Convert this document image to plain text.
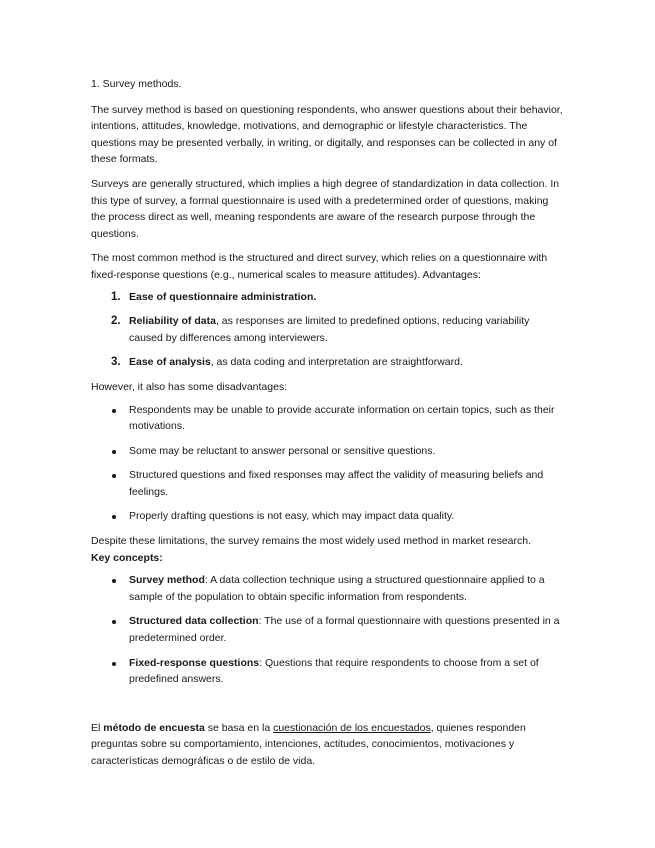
1. Survey methods.

The survey method is based on questioning respondents, who answer questions about their behavior, intentions, attitudes, knowledge, motivations, and demographic or lifestyle characteristics. The questions may be presented verbally, in writing, or digitally, and responses can be collected in any of these formats.

Surveys are generally structured, which implies a high degree of standardization in data collection. In this type of survey, a formal questionnaire is used with a predetermined order of questions, making the process direct as well, meaning respondents are aware of the research purpose through the questions.

The most common method is the structured and direct survey, which relies on a questionnaire with fixed-response questions (e.g., numerical scales to measure attitudes). Advantages:

1. Ease of questionnaire administration.
2. Reliability of data, as responses are limited to predefined options, reducing variability caused by differences among interviewers.
3. Ease of analysis, as data coding and interpretation are straightforward.

However, it also has some disadvantages:

Respondents may be unable to provide accurate information on certain topics, such as their motivations.
Some may be reluctant to answer personal or sensitive questions.
Structured questions and fixed responses may affect the validity of measuring beliefs and feelings.
Properly drafting questions is not easy, which may impact data quality.

Despite these limitations, the survey remains the most widely used method in market research.

Key concepts:

Survey method: A data collection technique using a structured questionnaire applied to a sample of the population to obtain specific information from respondents.
Structured data collection: The use of a formal questionnaire with questions presented in a predetermined order.
Fixed-response questions: Questions that require respondents to choose from a set of predefined answers.

El método de encuesta se basa en la cuestionación de los encuestados, quienes responden preguntas sobre su comportamiento, intenciones, actitudes, conocimientos, motivaciones y características demográficas o de estilo de vida.
